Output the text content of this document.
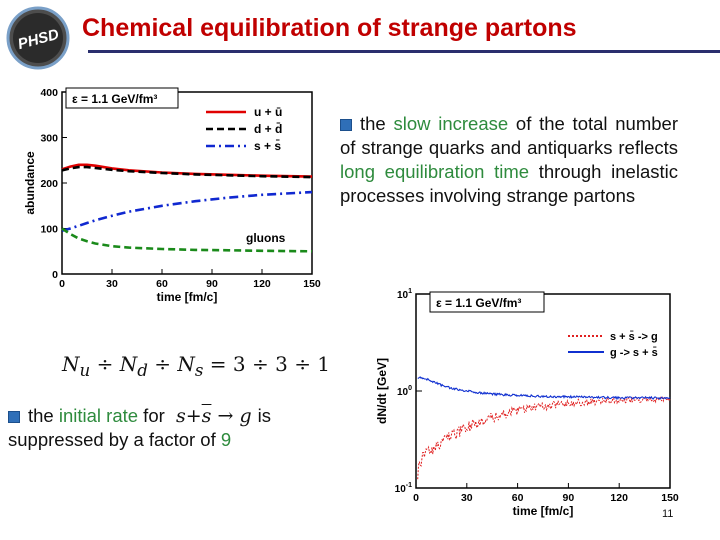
PHSD Chemical equilibration of strange partons
0	30	60	90	120	150
0
100
200
300
400
time [fm/c]
abundance
ε = 1.1 GeV/fm³
u + ū
d + d̄
s + s̄
gluons
the slow increase of the total number of strange quarks and antiquarks reflects long equilibration time through inelastic processes involving strange partons
$N_u \div N_d \div N_s = 3 \div 3 \div 1$
the initial rate for $s+\overline{s} \to g$ is suppressed by a factor of 9
0	30	60	90	120	150
$10^1$
$10^0$
$10^{-1}$
time [fm/c]
dN/dt [GeV]
ε = 1.1 GeV/fm³
s + s̄ -> g
g -> s + s̄
11
